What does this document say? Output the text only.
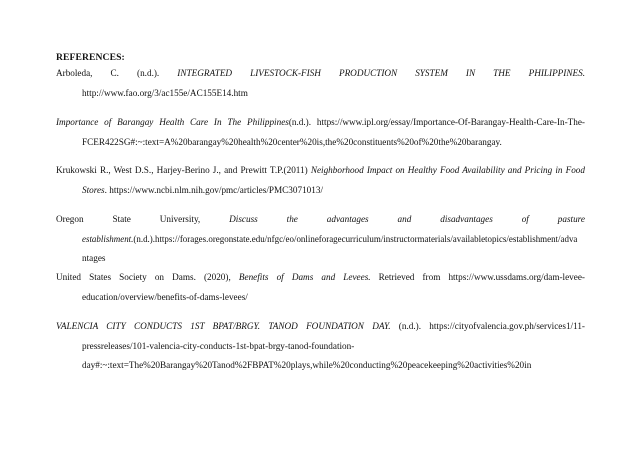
REFERENCES:
Arboleda, C. (n.d.). INTEGRATED LIVESTOCK-FISH PRODUCTION SYSTEM IN THE PHILIPPINES.
http://www.fao.org/3/ac155e/AC155E14.htm
Importance of Barangay Health Care In The Philippines(n.d.). https://www.ipl.org/essay/Importance-Of-Barangay-Health-Care-In-The-
FCER422SG#:~:text=A%20barangay%20health%20center%20is,the%20constituents%20of%20the%20barangay.
Krukowski R., West D.S., Harjey-Berino J., and Prewitt T.P.(2011) Neighborhood Impact on Healthy Food Availability and Pricing in Food
Stores. https://www.ncbi.nlm.nih.gov/pmc/articles/PMC3071013/
Oregon State University, Discuss the advantages and disadvantages of pasture
establishment.(n.d.).https://forages.oregonstate.edu/nfgc/eo/onlineforagecurriculum/instructormaterials/availabletopics/establishment/adva
ntages
United States Society on Dams. (2020), Benefits of Dams and Levees. Retrieved from https://www.ussdams.org/dam-levee-
education/overview/benefits-of-dams-levees/
VALENCIA CITY CONDUCTS 1ST BPAT/BRGY. TANOD FOUNDATION DAY. (n.d.). https://cityofvalencia.gov.ph/services1/11-
pressreleases/101-valencia-city-conducts-1st-bpat-brgy-tanod-foundation-
day#:~:text=The%20Barangay%20Tanod%2FBPAT%20plays,while%20conducting%20peacekeeping%20activities%20in
